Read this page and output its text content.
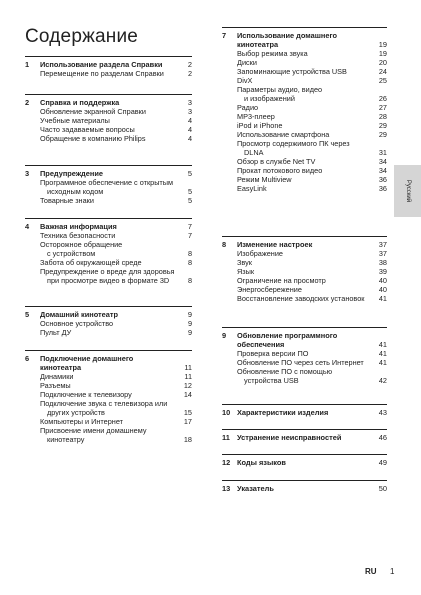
Содержание
1 Использование раздела Справки	2
Перемещение по разделам Справки	2
2 Справка и поддержка	3
Обновление экранной Справки	3
Учебные материалы	4
Часто задаваемые вопросы	4
Обращение в компанию Philips	4
3 Предупреждение	5
Программное обеспечение с открытым
исходным кодом	5
Товарные знаки	5
4 Важная информация	7
Техника безопасности	7
Осторожное обращение
с устройством	8
Забота об окружающей среде	8
Предупреждение о вреде для здоровья
при просмотре видео в формате 3D	8
5 Домашний кинотеатр	9
Основное устройство	9
Пульт ДУ	9
6 Подключение домашнего
кинотеатра	11
Динамики	11
Разъемы	12
Подключение к телевизору	14
Подключение звука с телевизора или
других устройств	15
Компьютеры и Интернет	17
Присвоение имени домашнему
кинотеатру	18
7 Использование домашнего
кинотеатра	19
Выбор режима звука	19
Диски	20
Запоминающие устройства USB	24
DivX	25
Параметры аудио, видео
и изображений	26
Радио	27
MP3-плеер	28
iPod и iPhone	29
Использование смартфона	29
Просмотр содержимого ПК через
DLNA	31
Обзор в службе Net TV	34
Прокат потокового видео	34
Режим Multiview	36
EasyLink	36
8 Изменение настроек	37
Изображение	37
Звук	38
Язык	39
Ограничение на просмотр	40
Энергосбережение	40
Восстановление заводских установок 41
9 Обновление программного
обеспечения	41
Проверка версии ПО	41
Обновление ПО через сеть Интернет 41
Обновление ПО с помощью
устройства USB	42
10 Характеристики изделия	43
11 Устранение неисправностей	46
12 Коды языков	49
13 Указатель	50
Русский
RU 1
